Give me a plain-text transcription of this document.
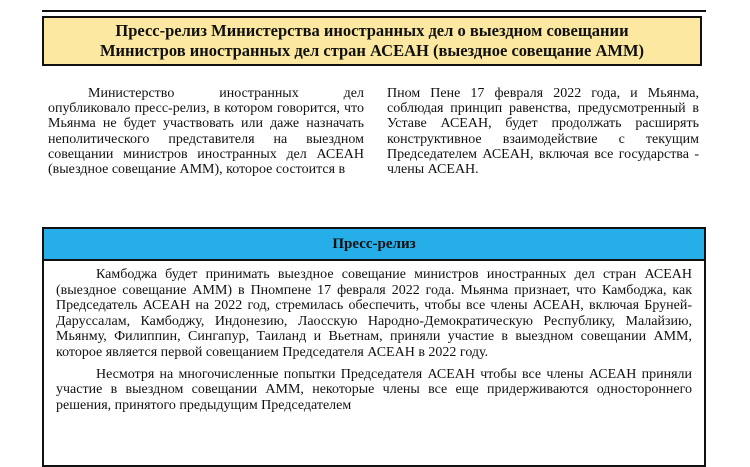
Пресс-релиз Министерства иностранных дел о выездном совещании
Министров иностранных дел стран АСЕАН (выездное совещание АММ)

Министерство иностранных дел опубликовало пресс-релиз, в котором говорится, что Мьянма не будет участвовать или даже назначать неполитического представителя на выездном совещании министров иностранных дел АСЕАН (выездное совещание АММ), которое состоится в

Пном Пене 17 февраля 2022 года, и Мьянма, соблюдая принцип равенства, предусмотренный в Уставе АСЕАН, будет продолжать расширять конструктивное взаимодействие с текущим Председателем АСЕАН, включая все государства - члены АСЕАН.

Пресс-релиз

Камбоджа будет принимать выездное совещание министров иностранных дел стран АСЕАН (выездное совещание АММ) в Пномпене 17 февраля 2022 года. Мьянма признает, что Камбоджа, как Председатель АСЕАН на 2022 год, стремилась обеспечить, чтобы все члены АСЕАН, включая Бруней-Даруссалам, Камбоджу, Индонезию, Лаосскую Народно-Демократическую Республику, Малайзию, Мьянму, Филиппин, Сингапур, Таиланд и Вьетнам, приняли участие в выездном совещании АММ, которое является первой совещанием Председателя АСЕАН в 2022 году.

Несмотря на многочисленные попытки Председателя АСЕАН чтобы все члены АСЕАН приняли участие в выездном совещании АММ, некоторые члены все еще придерживаются одностороннего решения, принятого предыдущим Председателем
